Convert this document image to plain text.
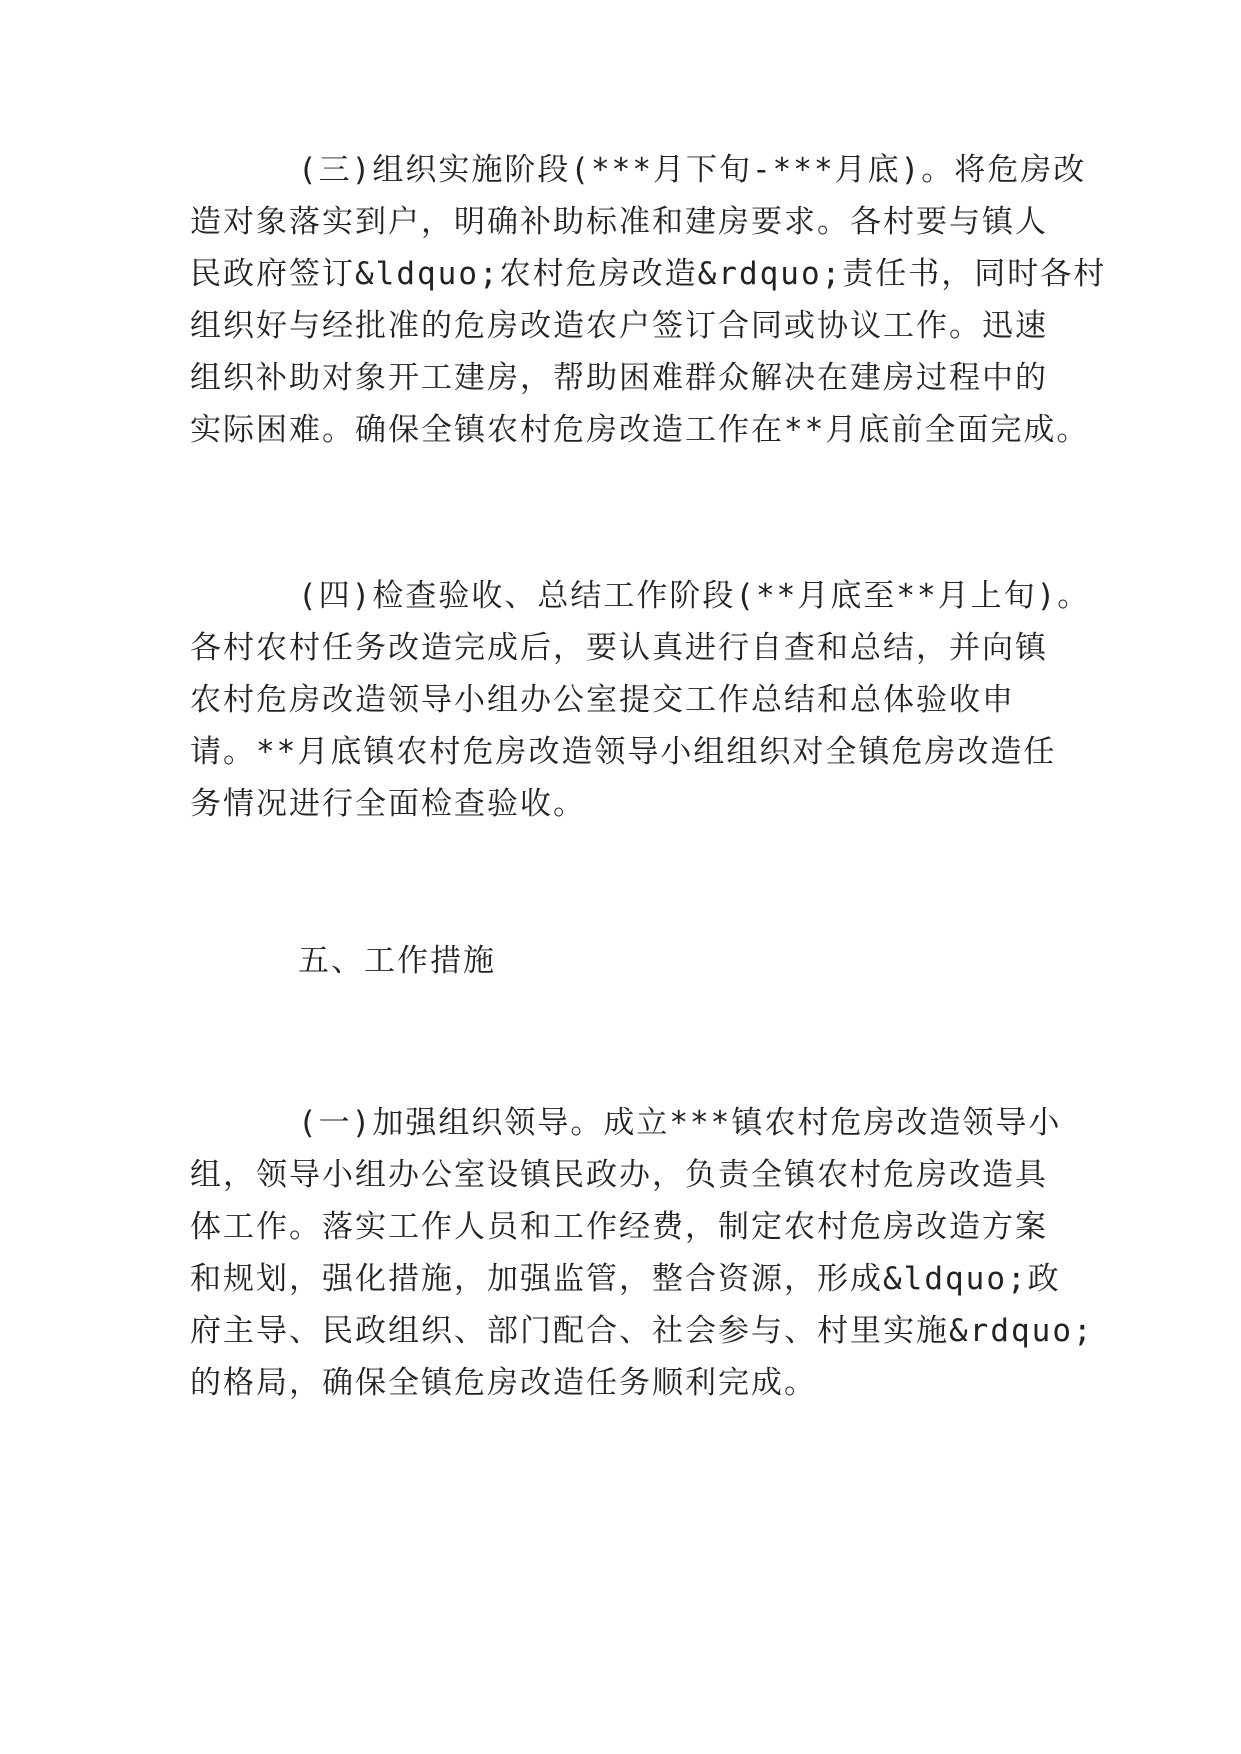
(三)组织实施阶段(***月下旬-***月底)。将危房改

造对象落实到户，明确补助标准和建房要求。各村要与镇人

民政府签订&ldquo;农村危房改造&rdquo;责任书，同时各村

组织好与经批准的危房改造农户签订合同或协议工作。迅速

组织补助对象开工建房，帮助困难群众解决在建房过程中的

实际困难。确保全镇农村危房改造工作在**月底前全面完成。

(四)检查验收、总结工作阶段(**月底至**月上旬)。

各村农村任务改造完成后，要认真进行自查和总结，并向镇

农村危房改造领导小组办公室提交工作总结和总体验收申

请。**月底镇农村危房改造领导小组组织对全镇危房改造任

务情况进行全面检查验收。

五、工作措施

(一)加强组织领导。成立***镇农村危房改造领导小

组，领导小组办公室设镇民政办，负责全镇农村危房改造具

体工作。落实工作人员和工作经费，制定农村危房改造方案

和规划，强化措施，加强监管，整合资源，形成&ldquo;政

府主导、民政组织、部门配合、社会参与、村里实施&rdquo;

的格局，确保全镇危房改造任务顺利完成。
